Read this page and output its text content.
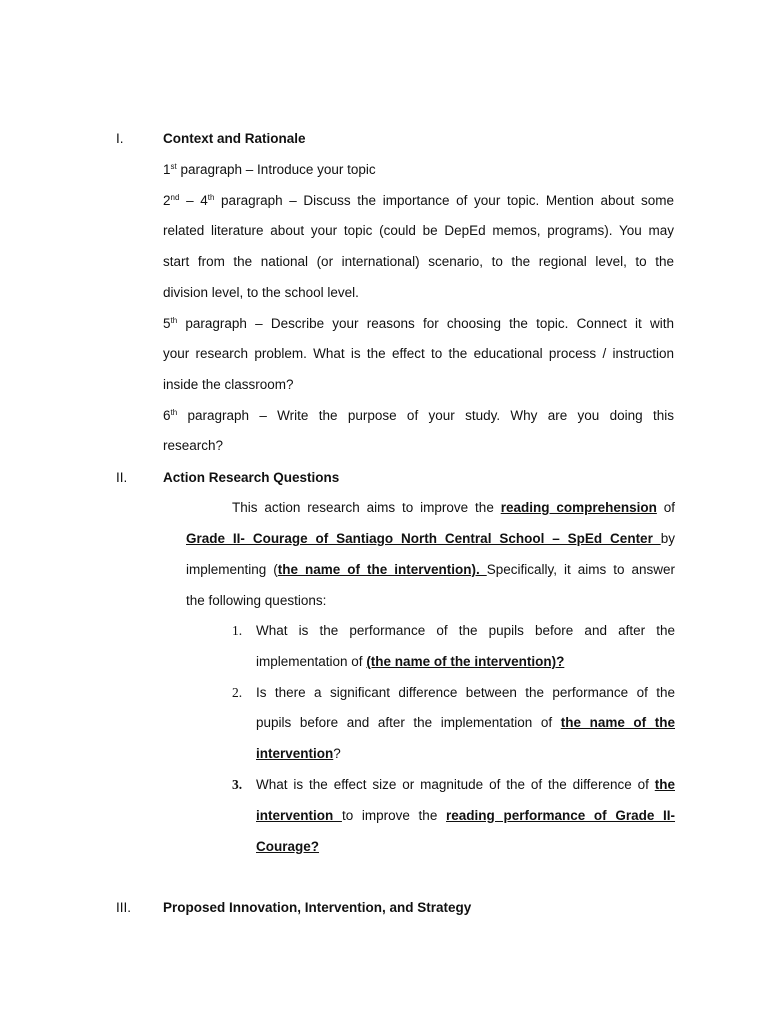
I.	Context and Rationale
1st paragraph – Introduce your topic
2nd – 4th paragraph – Discuss the importance of your topic. Mention about some
related literature about your topic (could be DepEd memos, programs). You may
start from the national (or international) scenario, to the regional level, to the
division level, to the school level.
5th paragraph – Describe your reasons for choosing the topic. Connect it with
your research problem. What is the effect to the educational process / instruction
inside the classroom?
6th paragraph – Write the purpose of your study. Why are you doing this
research?
II.	Action Research Questions
This action research aims to improve the reading comprehension of
Grade II- Courage of Santiago North Central School – SpEd Center by
implementing (the name of the intervention). Specifically, it aims to answer
the following questions:
1. What is the performance of the pupils before and after the
implementation of (the name of the intervention)?
2. Is there a significant difference between the performance of the
pupils before and after the implementation of the name of the
intervention?
3. What is the effect size or magnitude of the of the difference of the
intervention to improve the reading performance of Grade II-
Courage?
III. Proposed Innovation, Intervention, and Strategy
